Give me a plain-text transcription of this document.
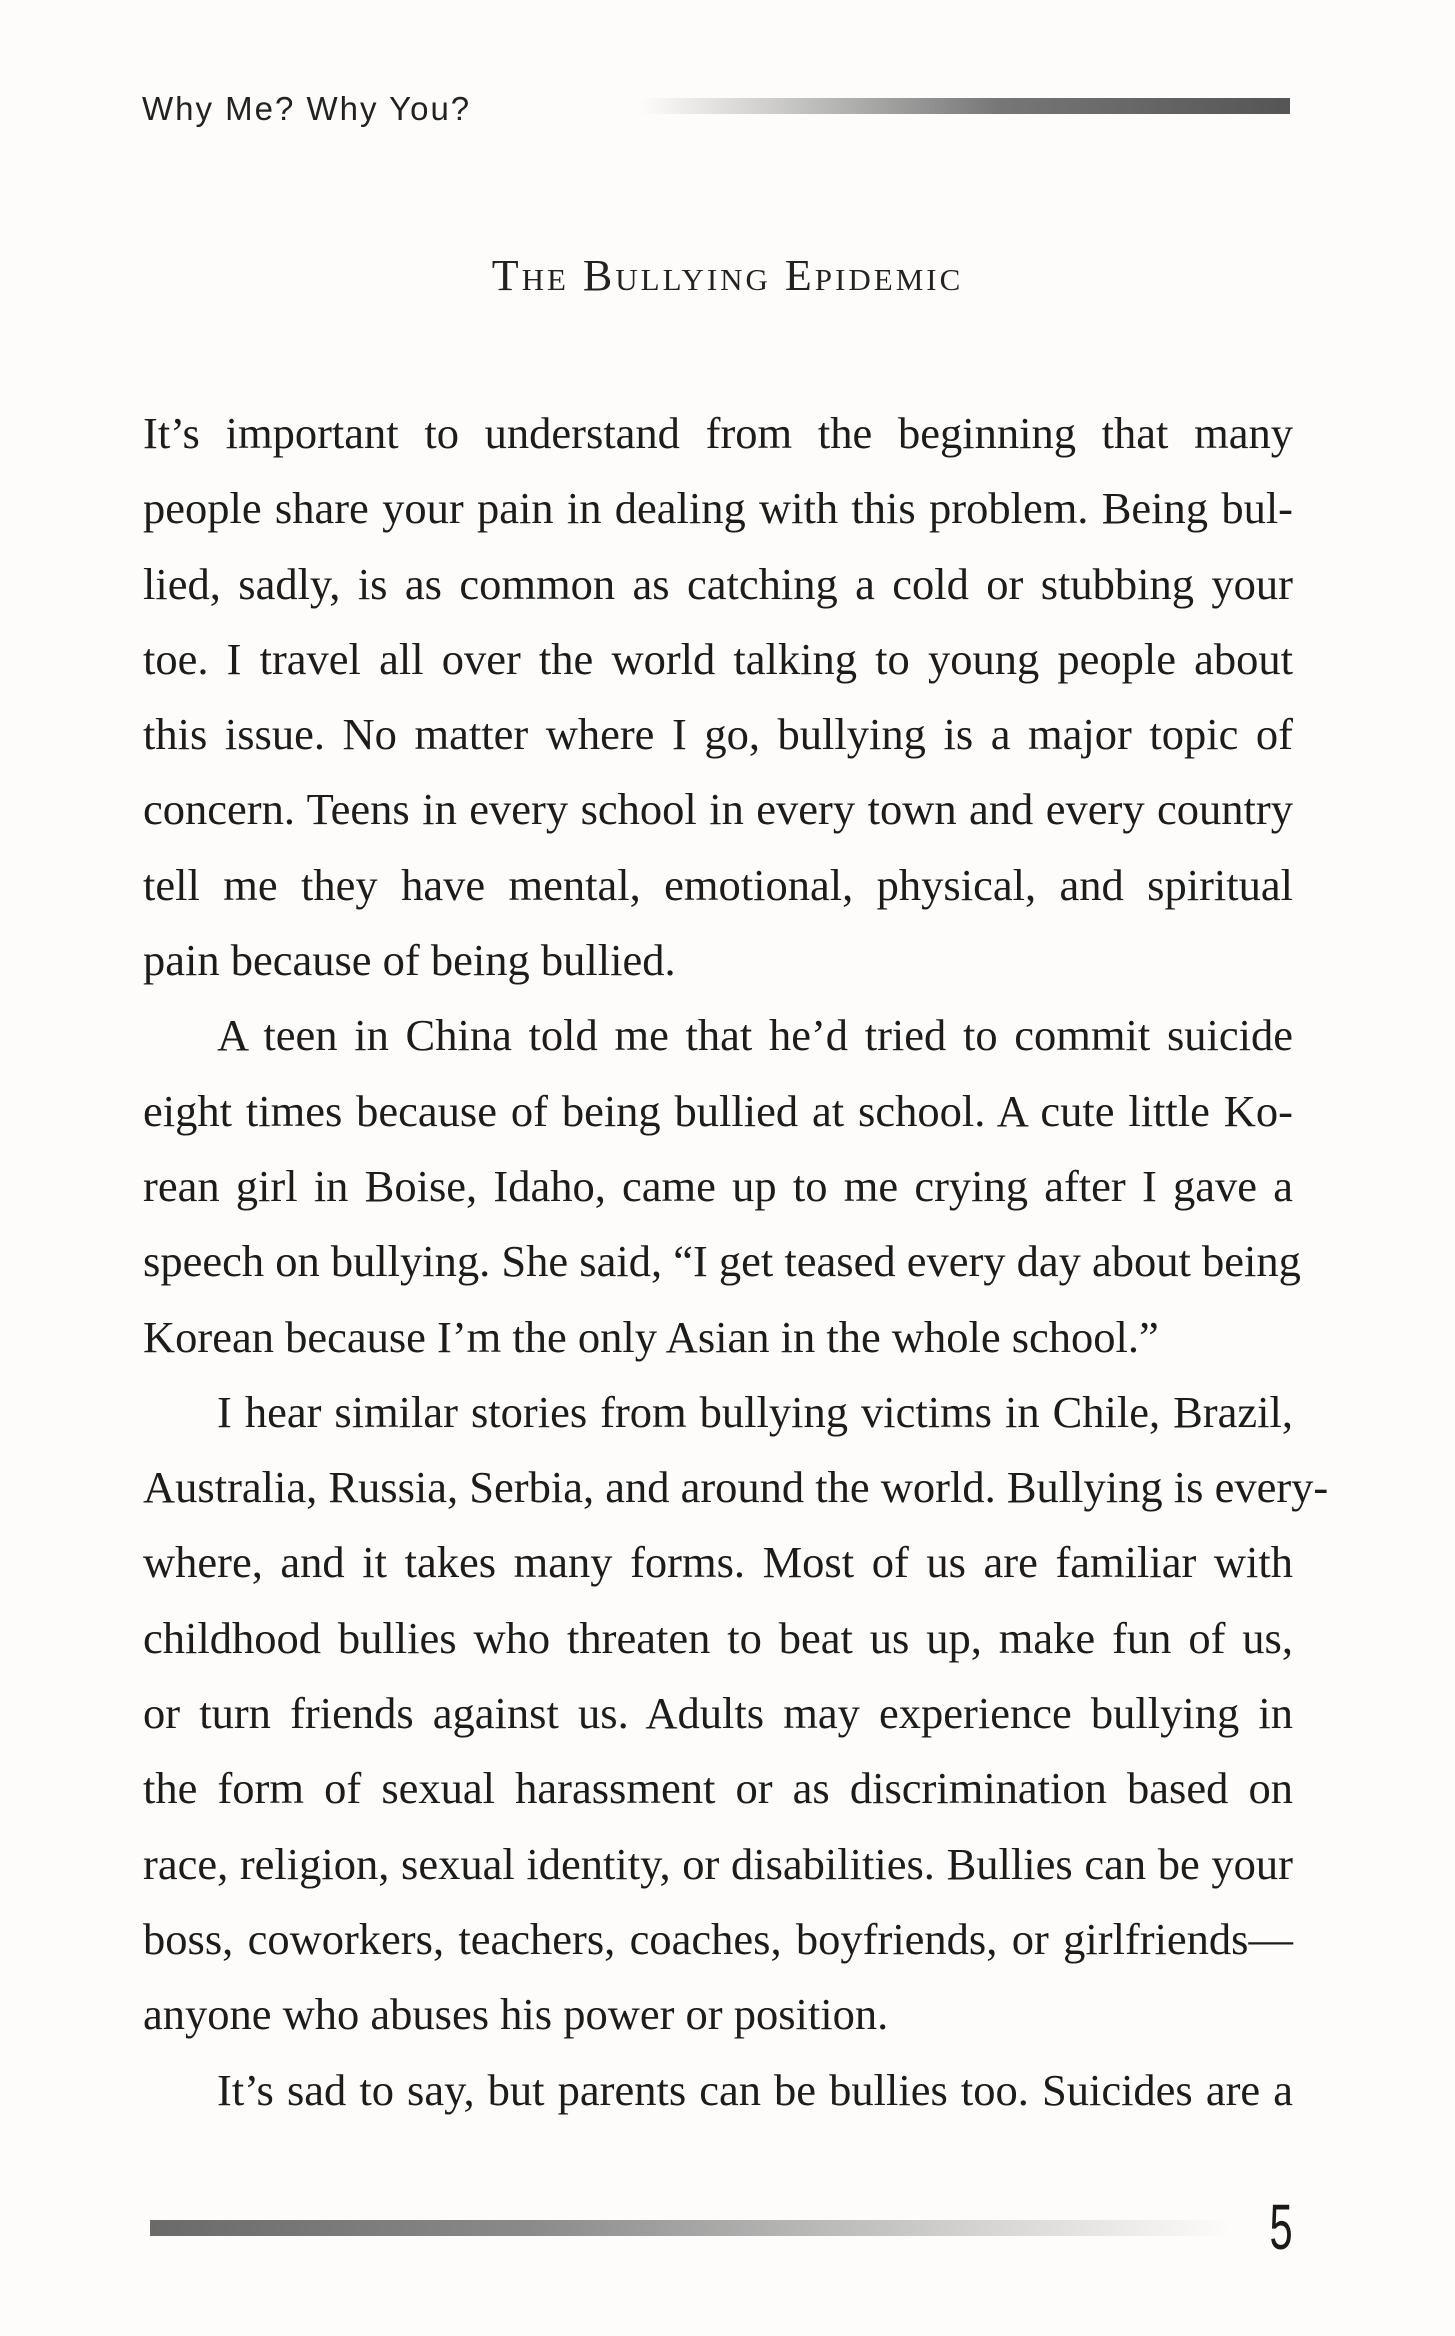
Why Me? Why You?
The Bullying Epidemic
It’s important to understand from the beginning that many
people share your pain in dealing with this problem. Being bul-
lied, sadly, is as common as catching a cold or stubbing your
toe. I travel all over the world talking to young people about
this issue. No matter where I go, bullying is a major topic of
concern. Teens in every school in every town and every country
tell me they have mental, emotional, physical, and spiritual
pain because of being bullied.
A teen in China told me that he’d tried to commit suicide
eight times because of being bullied at school. A cute little Ko-
rean girl in Boise, Idaho, came up to me crying after I gave a
speech on bullying. She said, “I get teased every day about being
Korean because I’m the only Asian in the whole school.”
I hear similar stories from bullying victims in Chile, Brazil,
Australia, Russia, Serbia, and around the world. Bullying is every-
where, and it takes many forms. Most of us are familiar with
childhood bullies who threaten to beat us up, make fun of us,
or turn friends against us. Adults may experience bullying in
the form of sexual harassment or as discrimination based on
race, religion, sexual identity, or disabilities. Bullies can be your
boss, coworkers, teachers, coaches, boyfriends, or girlfriends—
anyone who abuses his power or position.
It’s sad to say, but parents can be bullies too. Suicides are a
5
